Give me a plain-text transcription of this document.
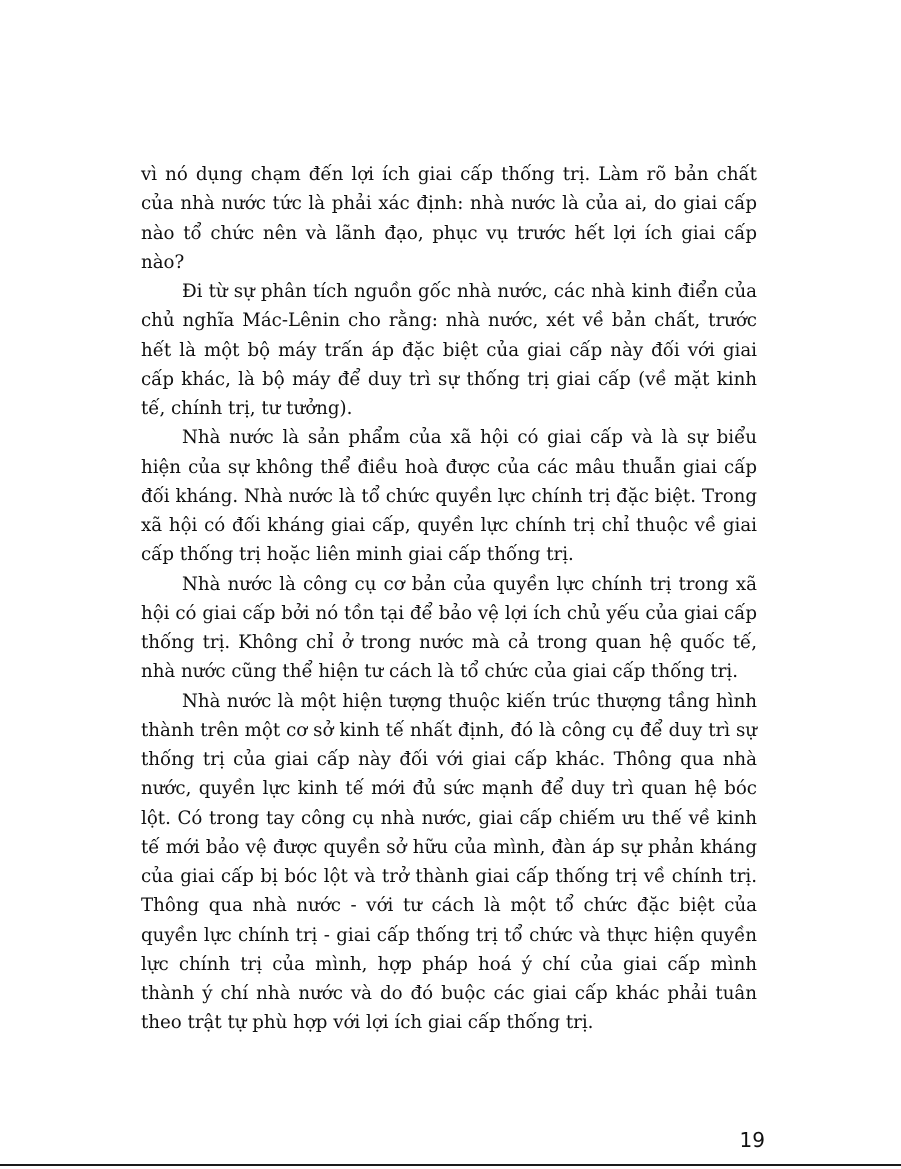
vì nó dụng chạm đến lợi ích giai cấp thống trị. Làm rõ bản chất của nhà nước tức là phải xác định: nhà nước là của ai, do giai cấp nào tổ chức nên và lãnh đạo, phục vụ trước hết lợi ích giai cấp nào?

Đi từ sự phân tích nguồn gốc nhà nước, các nhà kinh điển của chủ nghĩa Mác-Lênin cho rằng: nhà nước, xét về bản chất, trước hết là một bộ máy trấn áp đặc biệt của giai cấp này đối với giai cấp khác, là bộ máy để duy trì sự thống trị giai cấp (về mặt kinh tế, chính trị, tư tưởng).

Nhà nước là sản phẩm của xã hội có giai cấp và là sự biểu hiện của sự không thể điều hoà được của các mâu thuẫn giai cấp đối kháng. Nhà nước là tổ chức quyền lực chính trị đặc biệt. Trong xã hội có đối kháng giai cấp, quyền lực chính trị chỉ thuộc về giai cấp thống trị hoặc liên minh giai cấp thống trị.

Nhà nước là công cụ cơ bản của quyền lực chính trị trong xã hội có giai cấp bởi nó tồn tại để bảo vệ lợi ích chủ yếu của giai cấp thống trị. Không chỉ ở trong nước mà cả trong quan hệ quốc tế, nhà nước cũng thể hiện tư cách là tổ chức của giai cấp thống trị.

Nhà nước là một hiện tượng thuộc kiến trúc thượng tầng hình thành trên một cơ sở kinh tế nhất định, đó là công cụ để duy trì sự thống trị của giai cấp này đối với giai cấp khác. Thông qua nhà nước, quyền lực kinh tế mới đủ sức mạnh để duy trì quan hệ bóc lột. Có trong tay công cụ nhà nước, giai cấp chiếm ưu thế về kinh tế mới bảo vệ được quyền sở hữu của mình, đàn áp sự phản kháng của giai cấp bị bóc lột và trở thành giai cấp thống trị về chính trị. Thông qua nhà nước - với tư cách là một tổ chức đặc biệt của quyền lực chính trị - giai cấp thống trị tổ chức và thực hiện quyền lực chính trị của mình, hợp pháp hoá ý chí của giai cấp mình thành ý chí nhà nước và do đó buộc các giai cấp khác phải tuân theo trật tự phù hợp với lợi ích giai cấp thống trị.

19
